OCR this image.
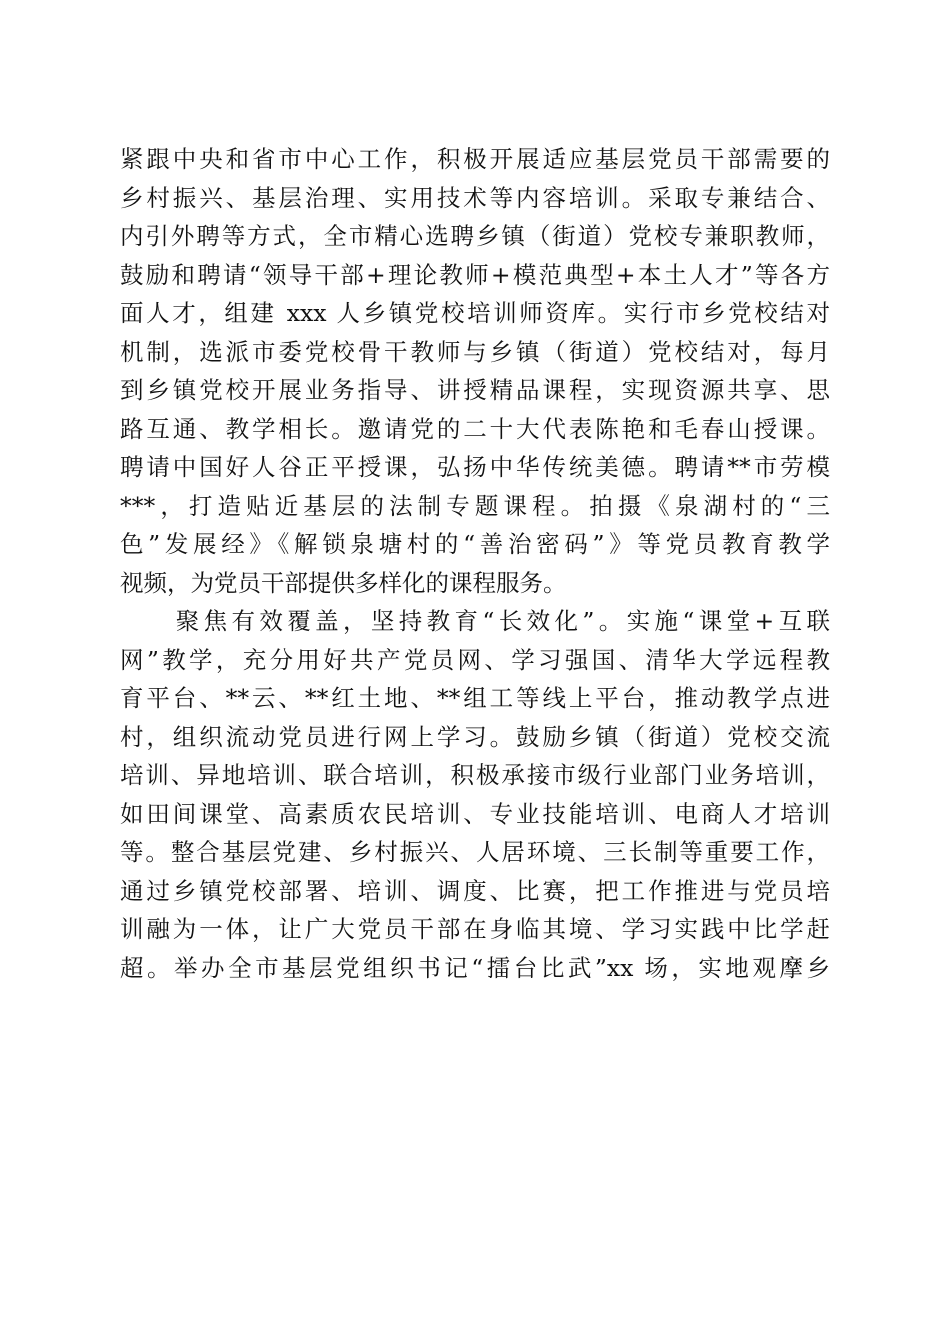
紧跟中央和省市中心工作，积极开展适应基层党员干部需要的
乡村振兴、基层治理、实用技术等内容培训。采取专兼结合、
内引外聘等方式，全市精心选聘乡镇（街道）党校专兼职教师，
鼓励和聘请“领导干部+理论教师+模范典型+本土人才”等各方
面人才，组建 xxx 人乡镇党校培训师资库。实行市乡党校结对
机制，选派市委党校骨干教师与乡镇（街道）党校结对，每月
到乡镇党校开展业务指导、讲授精品课程，实现资源共享、思
路互通、教学相长。邀请党的二十大代表陈艳和毛春山授课。
聘请中国好人谷正平授课，弘扬中华传统美德。聘请**市劳模
***，打造贴近基层的法制专题课程。拍摄《泉湖村的“三
色”发展经》《解锁泉塘村的“善治密码”》等党员教育教学
视频，为党员干部提供多样化的课程服务。
　　聚焦有效覆盖，坚持教育“长效化”。实施“课堂+互联
网”教学，充分用好共产党员网、学习强国、清华大学远程教
育平台、**云、**红土地、**组工等线上平台，推动教学点进
村，组织流动党员进行网上学习。鼓励乡镇（街道）党校交流
培训、异地培训、联合培训，积极承接市级行业部门业务培训，
如田间课堂、高素质农民培训、专业技能培训、电商人才培训
等。整合基层党建、乡村振兴、人居环境、三长制等重要工作，
通过乡镇党校部署、培训、调度、比赛，把工作推进与党员培
训融为一体，让广大党员干部在身临其境、学习实践中比学赶
超。举办全市基层党组织书记“擂台比武”xx 场，实地观摩乡
